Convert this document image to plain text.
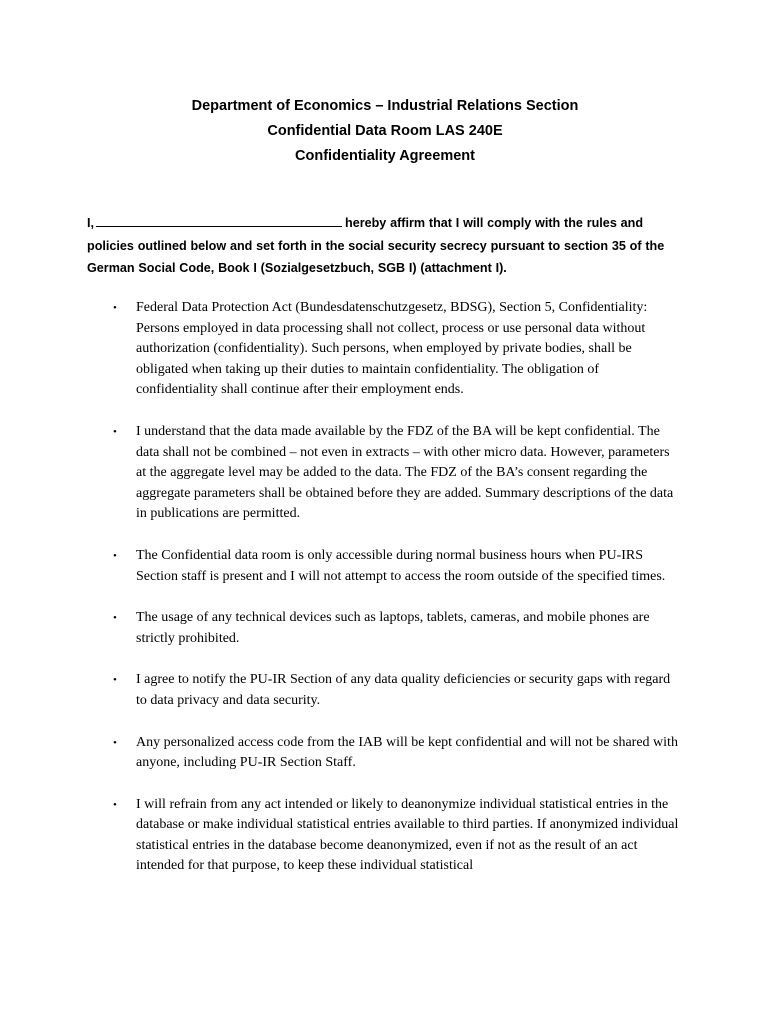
Department of Economics – Industrial Relations Section
Confidential Data Room LAS 240E
Confidentiality Agreement
I,	hereby affirm that I will comply with the rules and policies outlined below and set forth in the social security secrecy pursuant to section 35 of the German Social Code, Book I (Sozialgesetzbuch, SGB I) (attachment I).
• Federal Data Protection Act (Bundesdatenschutzgesetz, BDSG), Section 5, Confidentiality: Persons employed in data processing shall not collect, process or use personal data without authorization (confidentiality). Such persons, when employed by private bodies, shall be obligated when taking up their duties to maintain confidentiality. The obligation of confidentiality shall continue after their employment ends.
• I understand that the data made available by the FDZ of the BA will be kept confidential. The data shall not be combined – not even in extracts – with other micro data. However, parameters at the aggregate level may be added to the data. The FDZ of the BA’s consent regarding the aggregate parameters shall be obtained before they are added. Summary descriptions of the data in publications are permitted.
• The Confidential data room is only accessible during normal business hours when PU-IRS Section staff is present and I will not attempt to access the room outside of the specified times.
• The usage of any technical devices such as laptops, tablets, cameras, and mobile phones are strictly prohibited.
• I agree to notify the PU-IR Section of any data quality deficiencies or security gaps with regard to data privacy and data security.
• Any personalized access code from the IAB will be kept confidential and will not be shared with anyone, including PU-IR Section Staff.
• I will refrain from any act intended or likely to deanonymize individual statistical entries in the database or make individual statistical entries available to third parties. If anonymized individual statistical entries in the database become deanonymized, even if not as the result of an act intended for that purpose, to keep these individual statistical
